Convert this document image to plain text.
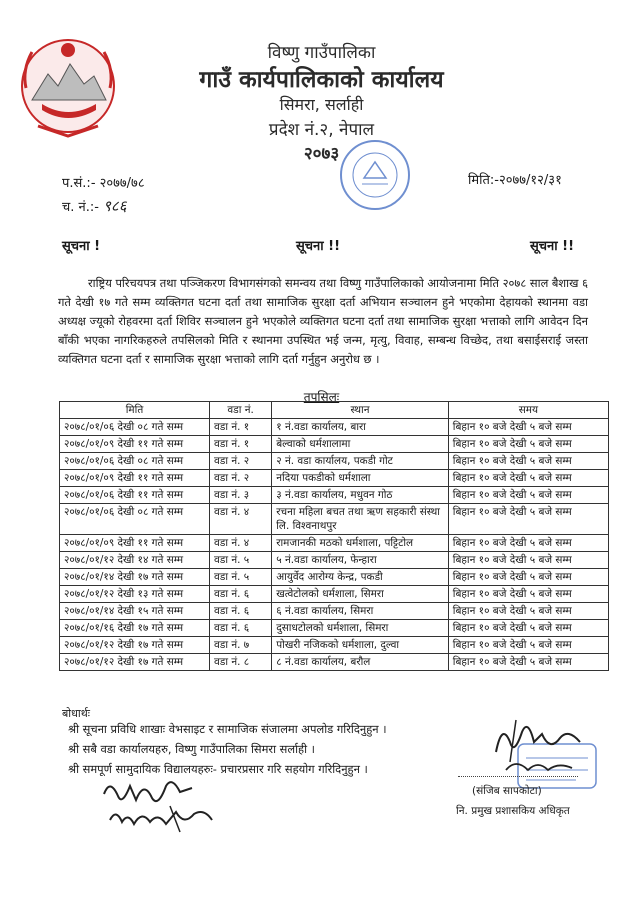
विष्णु गाउँपालिका
गाउँ कार्यपालिकाको कार्यालय
सिमरा, सर्लाही
प्रदेश नं.२, नेपाल
२०७३
प.सं.:- २०७७/७८
च. नं.:- ९८६
मिति:-२०७७/१२/३१
सूचना !	सूचना !!	सूचना !!
राष्ट्रिय परिचयपत्र तथा पञ्जिकरण विभागसंगको समन्वय तथा विष्णु गाउँपालिकाको आयोजनामा मिति २०७८ साल बैशाख ६ गते देखी १७ गते सम्म व्यक्तिगत घटना दर्ता तथा सामाजिक सुरक्षा दर्ता अभियान सञ्चालन हुने भएकोमा देहायको स्थानमा वडा अध्यक्ष ज्यूको रोहवरमा दर्ता शिविर सञ्चालन हुने भएकोले व्यक्तिगत घटना दर्ता तथा सामाजिक सुरक्षा भत्ताको लागि आवेदन दिन बाँकी भएका नागरिकहरुले तपसिलको मिति र स्थानमा उपस्थित भई जन्म, मृत्यु, विवाह, सम्बन्ध विच्छेद, तथा बसाईसराई जस्ता व्यक्तिगत घटना दर्ता र सामाजिक सुरक्षा भत्ताको लागि दर्ता गर्नुहुन अनुरोध छ ।
तपसिलः
मिति	वडा नं.	स्थान	समय
२०७८/०१/०६ देखी ०८ गते सम्म	वडा नं. १	१ नं.वडा कार्यालय, बारा	बिहान १० बजे देखी ५ बजे सम्म
२०७८/०१/०९ देखी ११ गते सम्म	वडा नं. १	बेल्वाको धर्मशालामा	बिहान १० बजे देखी ५ बजे सम्म
२०७८/०१/०६ देखी ०८ गते सम्म	वडा नं. २	२ नं. वडा कार्यालय, पकडी गोट	बिहान १० बजे देखी ५ बजे सम्म
२०७८/०१/०९ देखी ११ गते सम्म	वडा नं. २	नदिया पकडीको धर्मशाला	बिहान १० बजे देखी ५ बजे सम्म
२०७८/०१/०६ देखी ११ गते सम्म	वडा नं. ३	३ नं.वडा कार्यालय, मधुवन गोठ	बिहान १० बजे देखी ५ बजे सम्म
२०७८/०१/०६ देखी ०८ गते सम्म	वडा नं. ४	रचना महिला बचत तथा ऋण सहकारी संस्था लि. विश्वनाथपुर	बिहान १० बजे देखी ५ बजे सम्म
२०७८/०१/०९ देखी ११ गते सम्म	वडा नं. ४	रामजानकी मठको धर्मशाला, पट्टिटोल	बिहान १० बजे देखी ५ बजे सम्म
२०७८/०१/१२ देखी १४ गते सम्म	वडा नं. ५	५ नं.वडा कार्यालय, फेन्हारा	बिहान १० बजे देखी ५ बजे सम्म
२०७८/०१/१४ देखी १७ गते सम्म	वडा नं. ५	आयुर्वेद आरोग्य केन्द्र, पकडी	बिहान १० बजे देखी ५ बजे सम्म
२०७८/०१/१२ देखी १३ गते सम्म	वडा नं. ६	खत्वेटोलको धर्मशाला, सिमरा	बिहान १० बजे देखी ५ बजे सम्म
२०७८/०१/१४ देखी १५ गते सम्म	वडा नं. ६	६ नं.वडा कार्यालय, सिमरा	बिहान १० बजे देखी ५ बजे सम्म
२०७८/०१/१६ देखी १७ गते सम्म	वडा नं. ६	दुसाधटोलको धर्मशाला, सिमरा	बिहान १० बजे देखी ५ बजे सम्म
२०७८/०१/१२ देखी १७ गते सम्म	वडा नं. ७	पोखरी नजिकको धर्मशाला, दुल्वा	बिहान १० बजे देखी ५ बजे सम्म
२०७८/०१/१२ देखी १७ गते सम्म	वडा नं. ८	८ नं.वडा कार्यालय, बरौल	बिहान १० बजे देखी ५ बजे सम्म
बोधार्थः
श्री सूचना प्रविधि शाखाः वेभसाइट र सामाजिक संजालमा अपलोड गरिदिनुहुन ।
श्री सबै वडा कार्यालयहरु, विष्णु गाउँपालिका सिमरा सर्लाही ।
श्री समपूर्ण सामुदायिक विद्यालयहरुः- प्रचारप्रसार गरि सहयोग गरिदिनुहुन ।
(संजिब सापकोटा)
नि. प्रमुख प्रशासकिय अधिकृत
